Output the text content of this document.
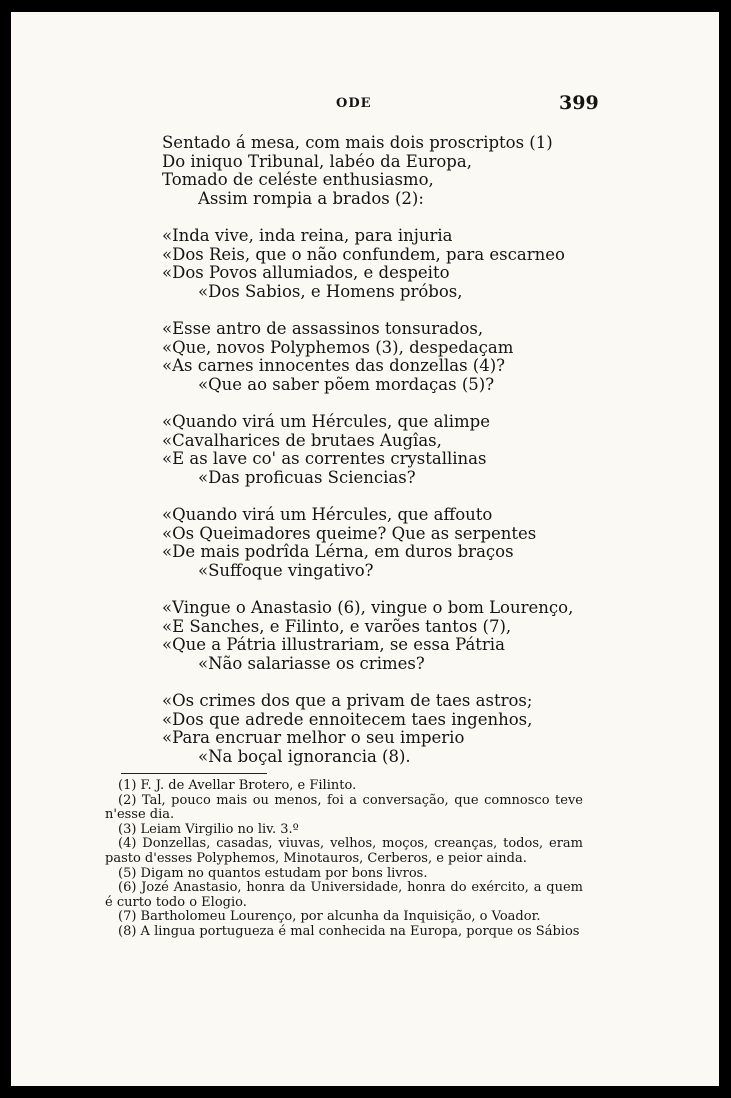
ODE	399
Sentado á mesa, com mais dois proscriptos (1)
Do iniquo Tribunal, labéo da Europa,
Tomado de celéste enthusiasmo,
Assim rompia a brados (2):
«Inda vive, inda reina, para injuria
«Dos Reis, que o não confundem, para escarneo
«Dos Povos allumiados, e despeito
«Dos Sabios, e Homens próbos,
«Esse antro de assassinos tonsurados,
«Que, novos Polyphemos (3), despedaçam
«As carnes innocentes das donzellas (4)?
«Que ao saber põem mordaças (5)?
«Quando virá um Hércules, que alimpe
«Cavalharices de brutaes Augîas,
«E as lave co' as correntes crystallinas
«Das proficuas Sciencias?
«Quando virá um Hércules, que affouto
«Os Queimadores queime? Que as serpentes
«De mais podrîda Lérna, em duros braços
«Suffoque vingativo?
«Vingue o Anastasio (6), vingue o bom Lourenço,
«E Sanches, e Filinto, e varões tantos (7),
«Que a Pátria illustrariam, se essa Pátria
«Não salariasse os crimes?
«Os crimes dos que a privam de taes astros;
«Dos que adrede ennoitecem taes ingenhos,
«Para encruar melhor o seu imperio
«Na boçal ignorancia (8).
(1) F. J. de Avellar Brotero, e Filinto.
(2) Tal, pouco mais ou menos, foi a conversação, que comnosco teve n'esse dia.
(3) Leiam Virgilio no liv. 3.º
(4) Donzellas, casadas, viuvas, velhos, moços, creanças, todos, eram pasto d'esses Polyphemos, Minotauros, Cerberos, e peior ainda.
(5) Digam no quantos estudam por bons livros.
(6) Jozé Anastasio, honra da Universidade, honra do exército, a quem é curto todo o Elogio.
(7) Bartholomeu Lourenço, por alcunha da Inquisição, o Voador.
(8) A lingua portugueza é mal conhecida na Europa, porque os Sábios
